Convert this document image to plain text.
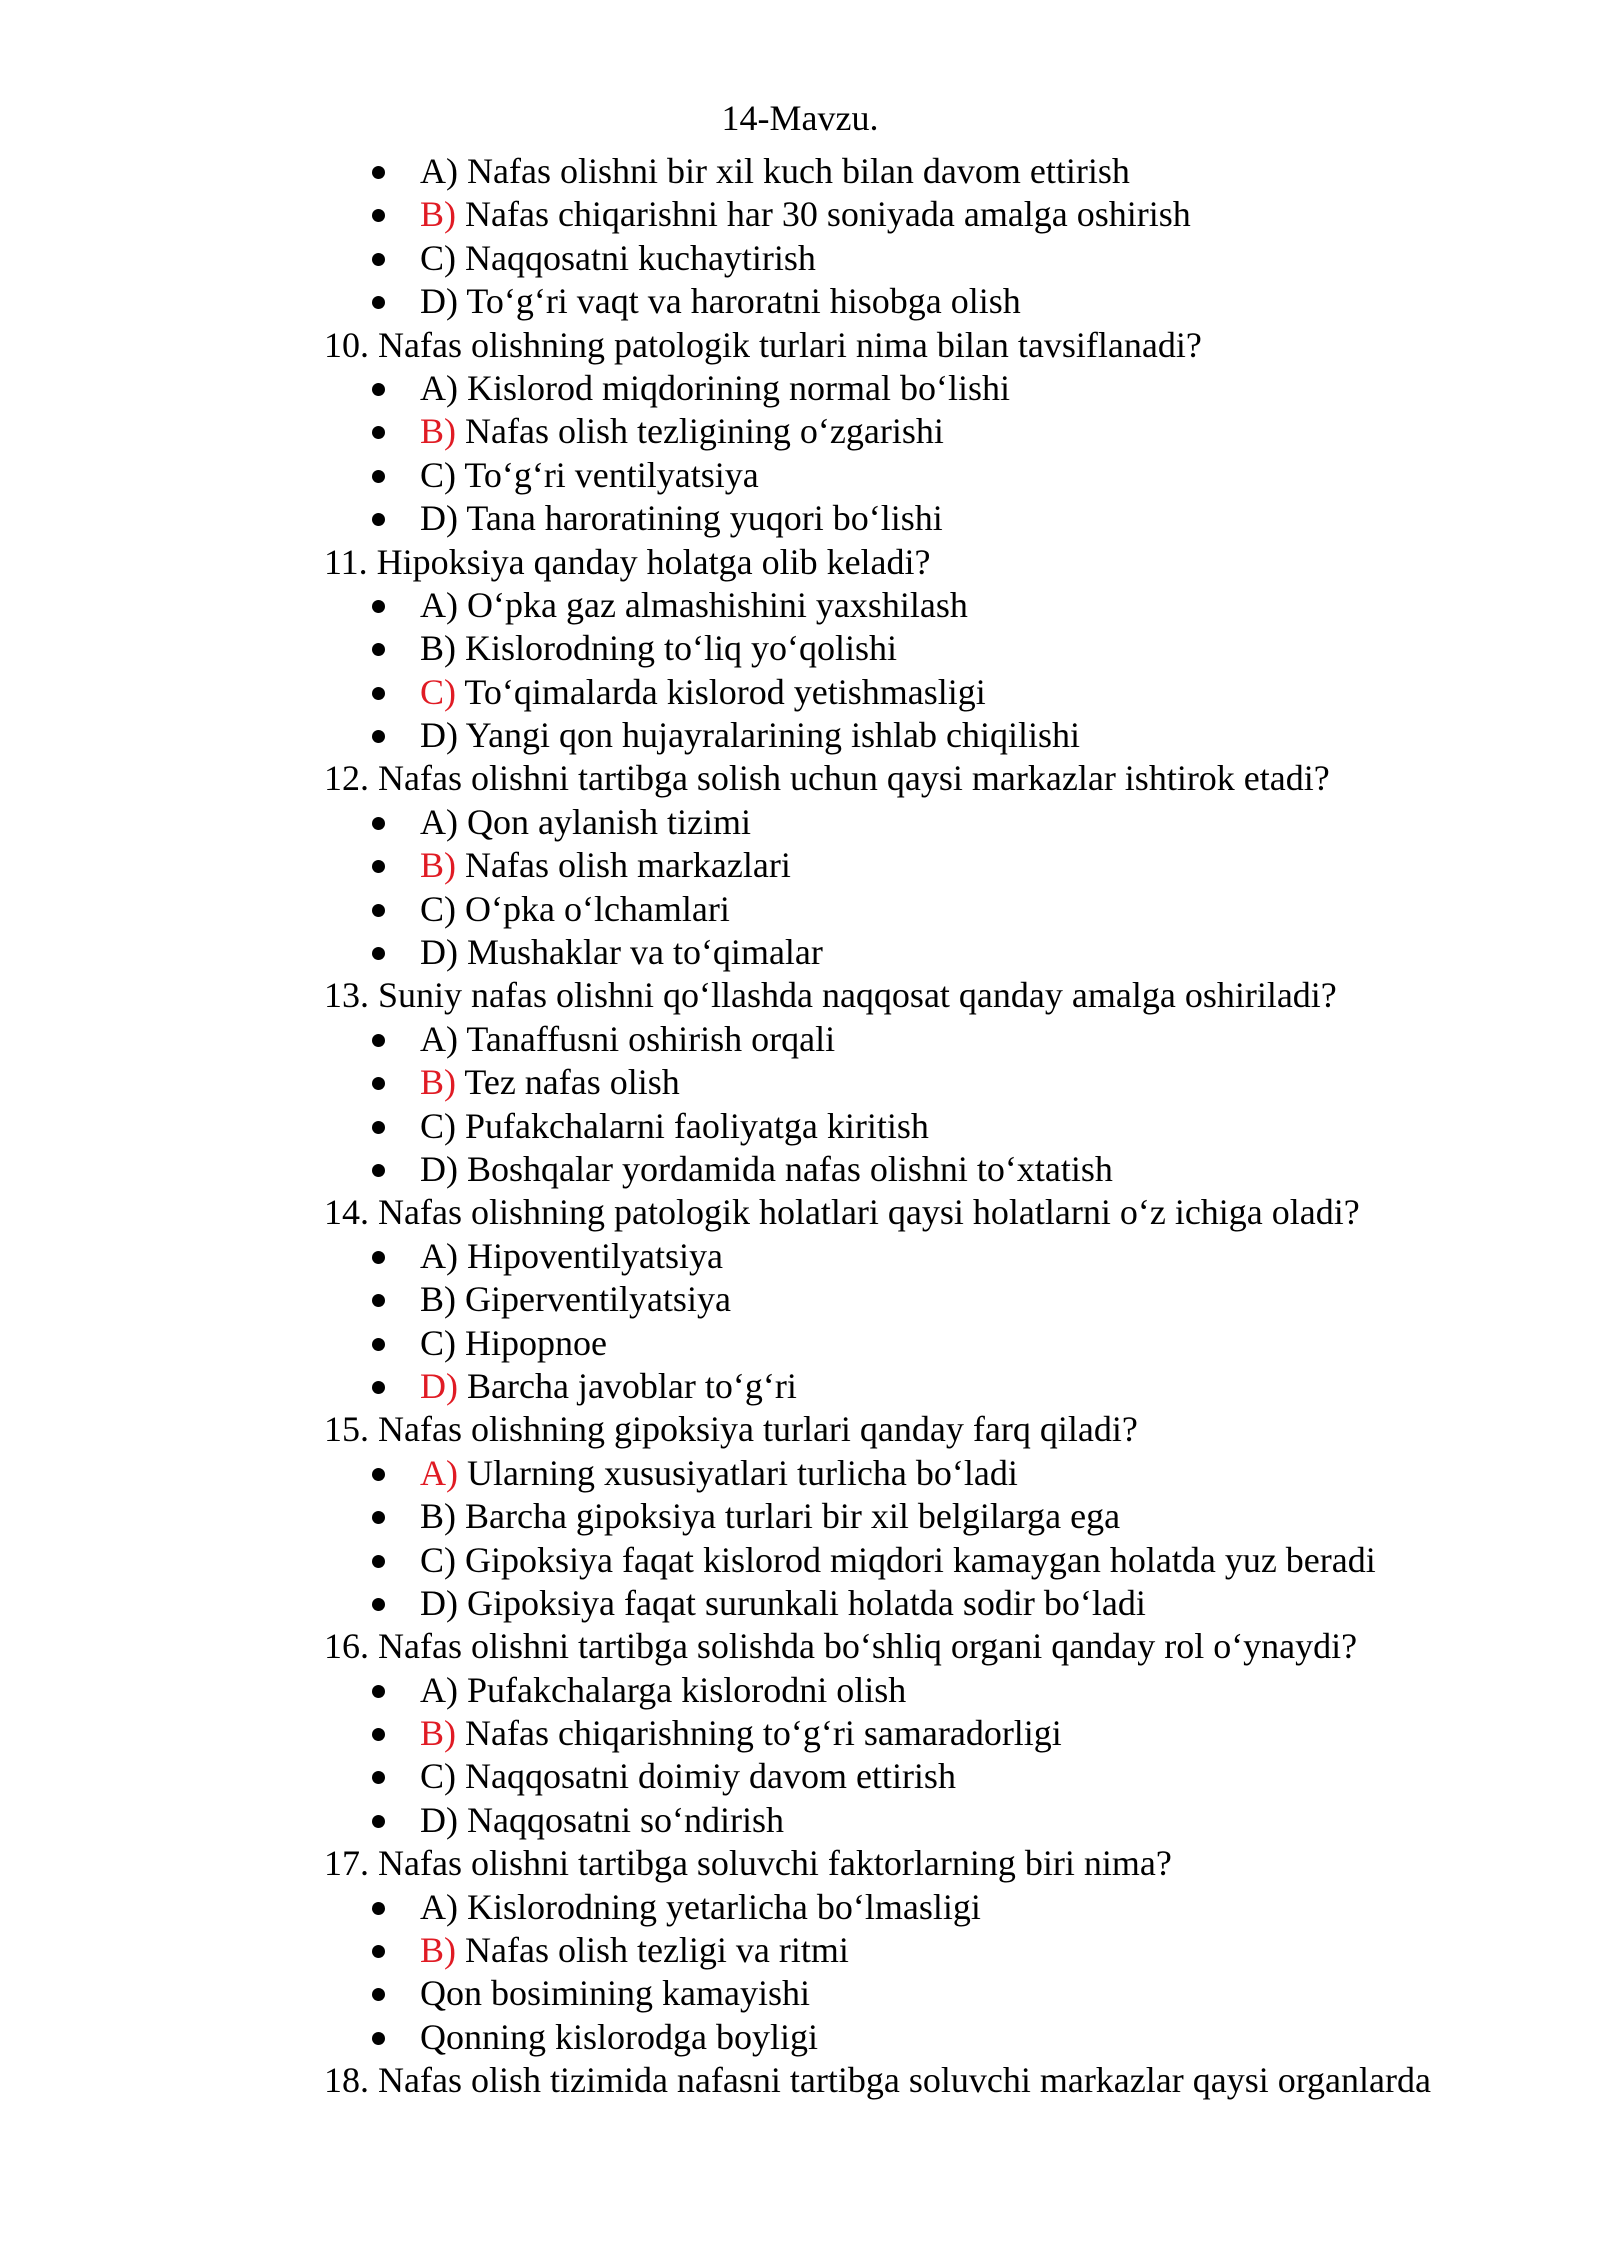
14-Mavzu.
A) Nafas olishni bir xil kuch bilan davom ettirish
B) Nafas chiqarishni har 30 soniyada amalga oshirish
C) Naqqosatni kuchaytirish
D) To‘g‘ri vaqt va haroratni hisobga olish
10. Nafas olishning patologik turlari nima bilan tavsiflanadi?
A) Kislorod miqdorining normal bo‘lishi
B) Nafas olish tezligining o‘zgarishi
C) To‘g‘ri ventilyatsiya
D) Tana haroratining yuqori bo‘lishi
11. Hipoksiya qanday holatga olib keladi?
A) O‘pka gaz almashishini yaxshilash
B) Kislorodning to‘liq yo‘qolishi
C) To‘qimalarda kislorod yetishmasligi
D) Yangi qon hujayralarining ishlab chiqilishi
12. Nafas olishni tartibga solish uchun qaysi markazlar ishtirok etadi?
A) Qon aylanish tizimi
B) Nafas olish markazlari
C) O‘pka o‘lchamlari
D) Mushaklar va to‘qimalar
13. Suniy nafas olishni qo‘llashda naqqosat qanday amalga oshiriladi?
A) Tanaffusni oshirish orqali
B) Tez nafas olish
C) Pufakchalarni faoliyatga kiritish
D) Boshqalar yordamida nafas olishni to‘xtatish
14. Nafas olishning patologik holatlari qaysi holatlarni o‘z ichiga oladi?
A) Hipoventilyatsiya
B) Giperventilyatsiya
C) Hipopnoe
D) Barcha javoblar to‘g‘ri
15. Nafas olishning gipoksiya turlari qanday farq qiladi?
A) Ularning xususiyatlari turlicha bo‘ladi
B) Barcha gipoksiya turlari bir xil belgilarga ega
C) Gipoksiya faqat kislorod miqdori kamaygan holatda yuz beradi
D) Gipoksiya faqat surunkali holatda sodir bo‘ladi
16. Nafas olishni tartibga solishda bo‘shliq organi qanday rol o‘ynaydi?
A) Pufakchalarga kislorodni olish
B) Nafas chiqarishning to‘g‘ri samaradorligi
C) Naqqosatni doimiy davom ettirish
D) Naqqosatni so‘ndirish
17. Nafas olishni tartibga soluvchi faktorlarning biri nima?
A) Kislorodning yetarlicha bo‘lmasligi
B) Nafas olish tezligi va ritmi
Qon bosimining kamayishi
Qonning kislorodga boyligi
18. Nafas olish tizimida nafasni tartibga soluvchi markazlar qaysi organlarda
